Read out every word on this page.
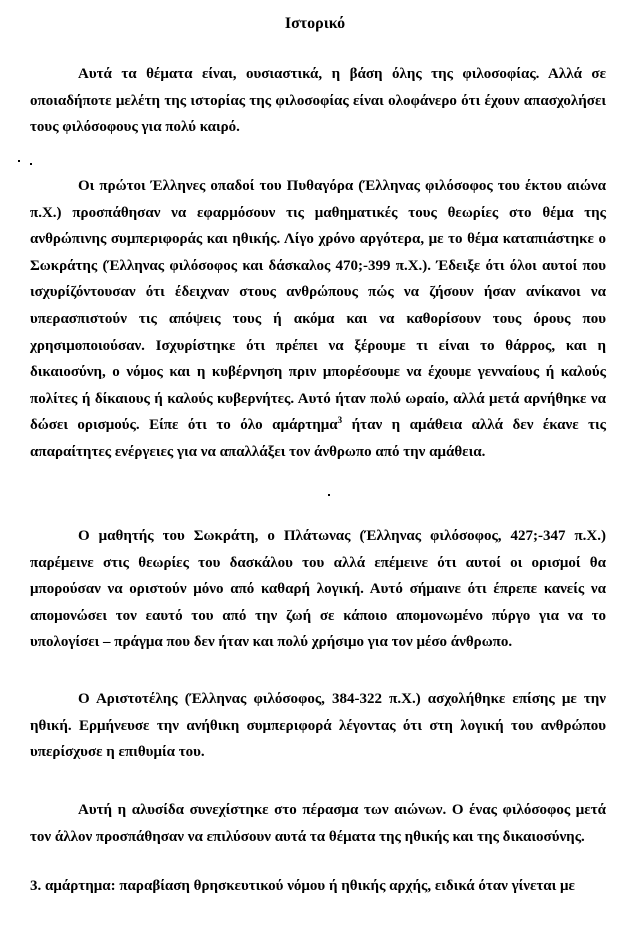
Ιστορικό

Αυτά τα θέματα είναι, ουσιαστικά, η βάση όλης της φιλοσοφίας. Αλλά σε οποιαδήποτε μελέτη της ιστορίας της φιλοσοφίας είναι ολοφάνερο ότι έχουν απασχολήσει τους φιλόσοφους για πολύ καιρό.

Οι πρώτοι Έλληνες οπαδοί του Πυθαγόρα (Έλληνας φιλόσοφος του έκτου αιώνα π.Χ.) προσπάθησαν να εφαρμόσουν τις μαθηματικές τους θεωρίες στο θέμα της ανθρώπινης συμπεριφοράς και ηθικής. Λίγο χρόνο αργότερα, με το θέμα καταπιάστηκε ο Σωκράτης (Έλληνας φιλόσοφος και δάσκαλος 470;-399 π.Χ.). Έδειξε ότι όλοι αυτοί που ισχυρίζόντουσαν ότι έδειχναν στους ανθρώπους πώς να ζήσουν ήσαν ανίκανοι να υπερασπιστούν τις απόψεις τους ή ακόμα και να καθορίσουν τους όρους που χρησιμοποιούσαν. Ισχυρίστηκε ότι πρέπει να ξέρουμε τι είναι το θάρρος, και η δικαιοσύνη, ο νόμος και η κυβέρνηση πριν μπορέσουμε να έχουμε γενναίους ή καλούς πολίτες ή δίκαιους ή καλούς κυβερνήτες. Αυτό ήταν πολύ ωραίο, αλλά μετά αρνήθηκε να δώσει ορισμούς. Είπε ότι το όλο αμάρτημα$^3$ ήταν η αμάθεια αλλά δεν έκανε τις απαραίτητες ενέργειες για να απαλλάξει τον άνθρωπο από την αμάθεια.

Ο μαθητής του Σωκράτη, ο Πλάτωνας (Έλληνας φιλόσοφος, 427;-347 π.Χ.) παρέμεινε στις θεωρίες του δασκάλου του αλλά επέμεινε ότι αυτοί οι ορισμοί θα μπορούσαν να οριστούν μόνο από καθαρή λογική. Αυτό σήμαινε ότι έπρεπε κανείς να απομονώσει τον εαυτό του από την ζωή σε κάποιο απομονωμένο πύργο για να το υπολογίσει – πράγμα που δεν ήταν και πολύ χρήσιμο για τον μέσο άνθρωπο.

Ο Αριστοτέλης (Έλληνας φιλόσοφος, 384-322 π.Χ.) ασχολήθηκε επίσης με την ηθική. Ερμήνευσε την ανήθικη συμπεριφορά λέγοντας ότι στη λογική του ανθρώπου υπερίσχυσε η επιθυμία του.

Αυτή η αλυσίδα συνεχίστηκε στο πέρασμα των αιώνων. Ο ένας φιλόσοφος μετά τον άλλον προσπάθησαν να επιλύσουν αυτά τα θέματα της ηθικής και της δικαιοσύνης.

3. αμάρτημα: παραβίαση θρησκευτικού νόμου ή ηθικής αρχής, ειδικά όταν γίνεται με
